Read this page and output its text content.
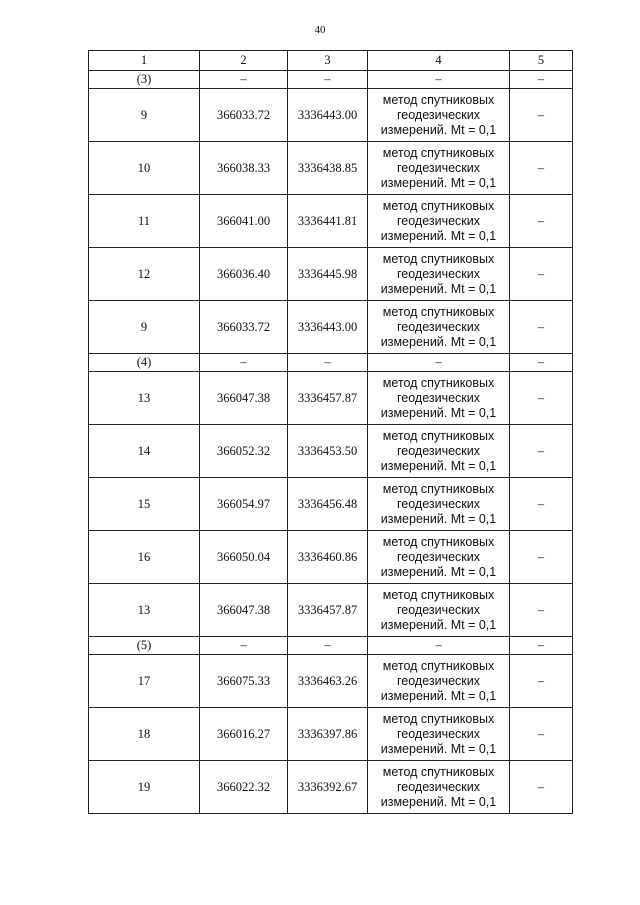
40
1	2	3	4	5
(3)	–	–	–	–
9	366033.72	3336443.00	метод спутниковых
геодезических
измерений. Mt = 0,1	–
10	366038.33	3336438.85	метод спутниковых
геодезических
измерений. Mt = 0,1	–
11	366041.00	3336441.81	метод спутниковых
геодезических
измерений. Mt = 0,1	–
12	366036.40	3336445.98	метод спутниковых
геодезических
измерений. Mt = 0,1	–
9	366033.72	3336443.00	метод спутниковых
геодезических
измерений. Mt = 0,1	–
(4)	–	–	–	–
13	366047.38	3336457.87	метод спутниковых
геодезических
измерений. Mt = 0,1	–
14	366052.32	3336453.50	метод спутниковых
геодезических
измерений. Mt = 0,1	–
15	366054.97	3336456.48	метод спутниковых
геодезических
измерений. Mt = 0,1	–
16	366050.04	3336460.86	метод спутниковых
геодезических
измерений. Mt = 0,1	–
13	366047.38	3336457.87	метод спутниковых
геодезических
измерений. Mt = 0,1	–
(5)	–	–	–	–
17	366075.33	3336463.26	метод спутниковых
геодезических
измерений. Mt = 0,1	–
18	366016.27	3336397.86	метод спутниковых
геодезических
измерений. Mt = 0,1	–
19	366022.32	3336392.67	метод спутниковых
геодезических
измерений. Mt = 0,1	–
